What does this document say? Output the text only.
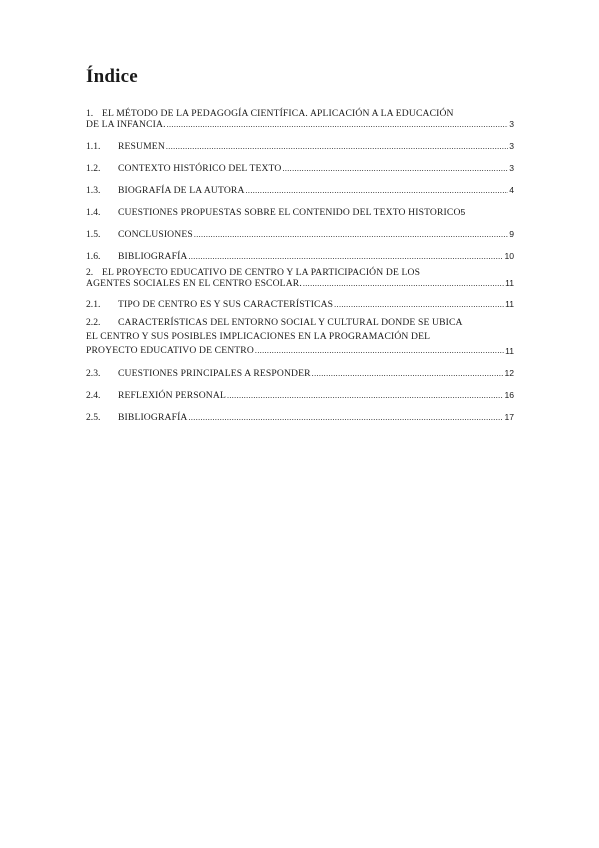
Índice
1. EL MÉTODO DE LA PEDAGOGÍA CIENTÍFICA. APLICACIÓN A LA EDUCACIÓN
DE LA INFANCIA. .....	3
1.1.	RESUMEN .....	3
1.2.	CONTEXTO HISTÓRICO DEL TEXTO .....	3
1.3.	BIOGRAFÍA DE LA AUTORA .....	4
1.4.	CUESTIONES PROPUESTAS SOBRE EL CONTENIDO DEL TEXTO HISTORICO 5
1.5.	CONCLUSIONES .....	9
1.6.	BIBLIOGRAFÍA .....	10
2. EL PROYECTO EDUCATIVO DE CENTRO Y LA PARTICIPACIÓN DE LOS
AGENTES SOCIALES EN EL CENTRO ESCOLAR. .....	11
2.1.	TIPO DE CENTRO ES Y SUS CARACTERÍSTICAS .....	11
2.2.	CARACTERÍSTICAS DEL ENTORNO SOCIAL Y CULTURAL DONDE SE UBICA
EL CENTRO Y SUS POSIBLES IMPLICACIONES EN LA PROGRAMACIÓN DEL
PROYECTO EDUCATIVO DE CENTRO .....	11
2.3.	CUESTIONES PRINCIPALES A RESPONDER .....	12
2.4.	REFLEXIÓN PERSONAL .....	16
2.5.	BIBLIOGRAFÍA .....	17
